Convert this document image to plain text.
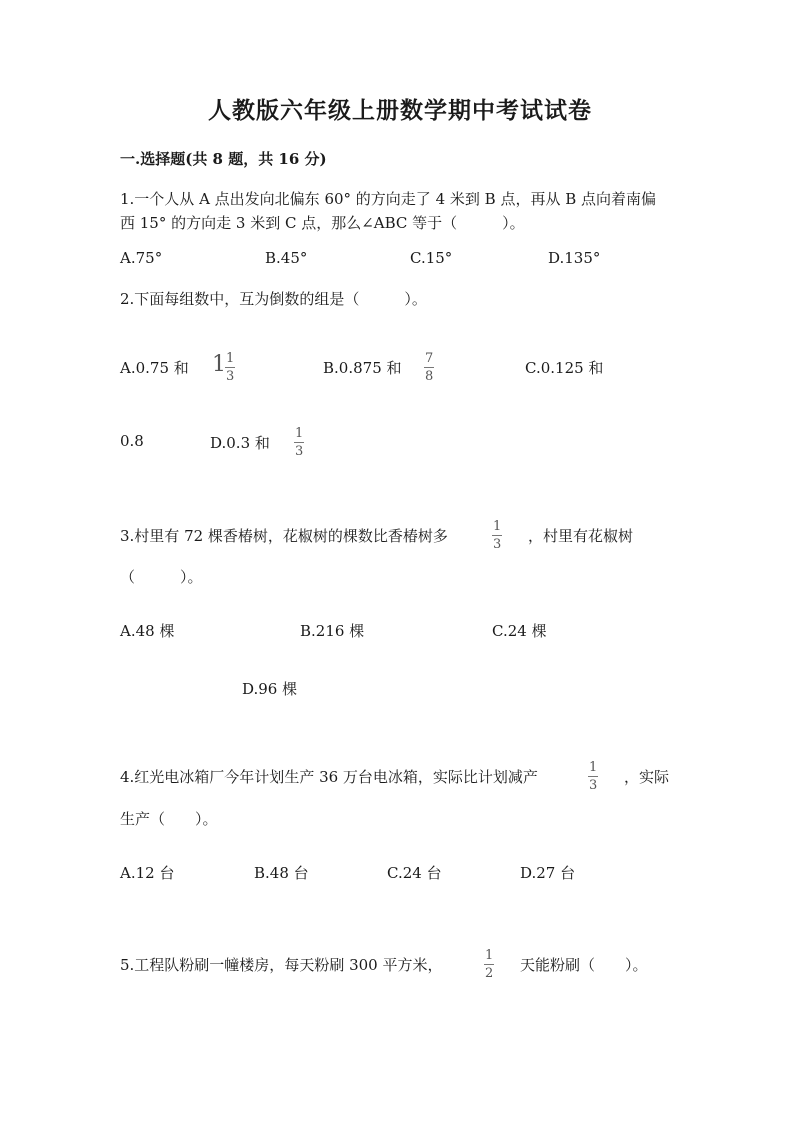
人教版六年级上册数学期中考试试卷
一.选择题(共 8 题，共 16 分)
1.一个人从 A 点出发向北偏东 60° 的方向走了 4 米到 B 点，再从 B 点向着南偏
西 15° 的方向走 3 米到 C 点，那么∠ABC 等于（　　　）。
A.75°	B.45°	C.15°	D.135°
2.下面每组数中，互为倒数的组是（　　　）。
A.0.75 和 1 1
3	B.0.875 和
7
8	C.0.125 和
0.8	D.0.3 和
1
3
3.村里有 72 棵香椿树，花椒树的棵数比香椿树多
1
3 ，村里有花椒树
（　　　）。
A.48 棵	B.216 棵	C.24 棵
D.96 棵
4.红光电冰箱厂今年计划生产 36 万台电冰箱，实际比计划减产
1
3 ，实际
生产（　　）。
A.12 台	B.48 台	C.24 台	D.27 台
5.工程队粉刷一幢楼房，每天粉刷 300 平方米，
1
2 天能粉刷（　　）。
